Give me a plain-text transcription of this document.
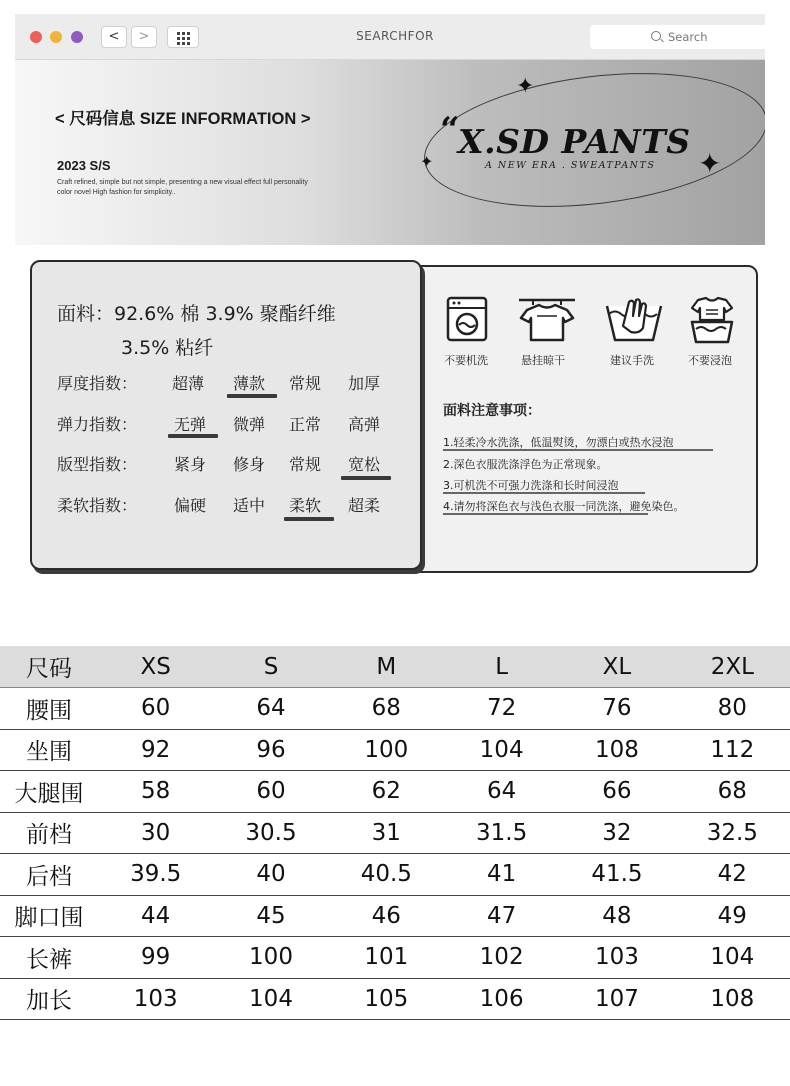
<	>	SEARCHFOR	Search
< 尺码信息 SIZE INFORMATION >
2023 S/S
Craft refined, simple but not simple, presenting a new visual effect full personality
color novel High fashion for simplicity..
“
X.SD PANTS
A NEW ERA . SWEATPANTS
✦
✦	✦
面料：92.6% 棉 3.9% 聚酯纤维
3.5% 粘纤
厚度指数： 超薄 薄款 常规 加厚
弹力指数： 无弹 微弹 正常 高弹
版型指数： 紧身 修身 常规 宽松
柔软指数： 偏硬 适中 柔软 超柔
不要机洗	悬挂晾干	建议手洗	不要浸泡
面料注意事项：
1.轻柔冷水洗涤，低温熨烫，勿漂白或热水浸泡
2.深色衣服洗涤浮色为正常现象。
3.可机洗不可强力洗涤和长时间浸泡
4.请勿将深色衣与浅色衣服一同洗涤，避免染色。
尺码	XS	S	M	L	XL	2XL
腰围	60	64	68	72	76	80
坐围	92	96	100	104	108	112
大腿围	58	60	62	64	66	68
前档	30	30.5	31	31.5	32	32.5
后档	39.5	40	40.5	41	41.5	42
脚口围	44	45	46	47	48	49
长裤	99	100	101	102	103	104
加长	103	104	105	106	107	108
